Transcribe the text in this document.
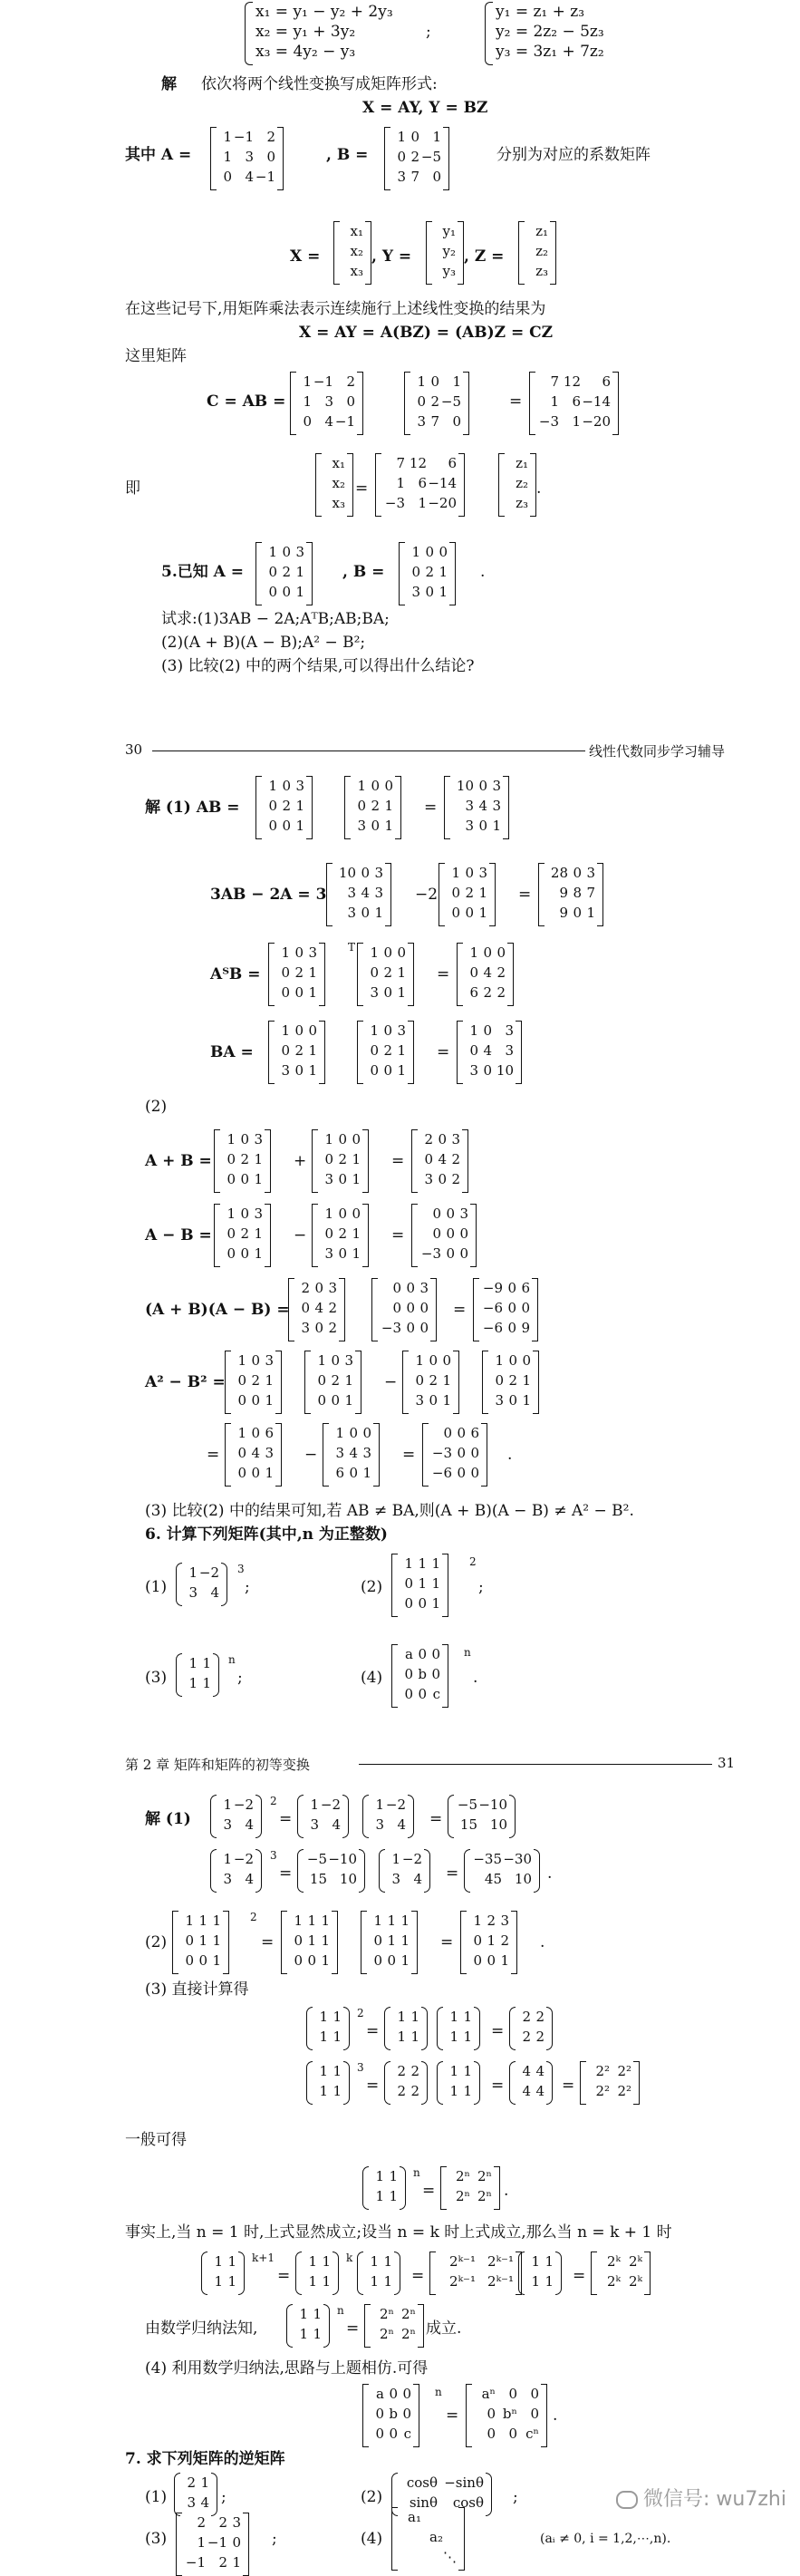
x₁ = y₁ − y₂ + 2y₃
x₂ = y₁ + 3y₂
x₃ = 4y₂ − y₃
;
y₁ = z₁ + z₃
y₂ = 2z₂ − 5z₃
y₃ = 3z₁ + 7z₂
解 依次将两个线性变换写成矩阵形式:
X = AY, Y = BZ
其中 A =
1 −1 2
1 3 0
0 4 −1
, B =
1 0 1
0 2 −5
3 7 0
分别为对应的系数矩阵
X =
x₁
x₂
x₃
, Y =
y₁
y₂
y₃
, Z =
z₁
z₂
z₃
在这些记号下,用矩阵乘法表示连续施行上述线性变换的结果为
X = AY = A(BZ) = (AB)Z = CZ
这里矩阵
C = AB =
1 −1 2
1 3 0
0 4 −1
1 0 1
0 2 −5
3 7 0
=
7 12	6
1 6 −14
−3 1 −20
即
x₁
x₂
x₃
=
7 12	6
1 6 −14
−3 1 −20
z₁
z₂
z₃
.
5.已知 A =
1 0 3
0 2 1
0 0 1
, B =
1 0 0
0 2 1
3 0 1
.
试求:(1)3AB − 2A;AᵀB;AB;BA;
(2)(A + B)(A − B);A² − B²;
(3) 比较(2) 中的两个结果,可以得出什么结论?
30	线性代数同步学习辅导
解 (1) AB =
1 0 3
0 2 1
0 0 1
1 0 0
0 2 1
3 0 1
=
10 0 3
3 4 3
3 0 1
3AB − 2A = 3
10 0 3
3 4 3
3 0 1
−2
1 0 3
0 2 1
0 0 1
=
28 0 3
9 8 7
9 0 1
AᵀB =
1 0 3
0 2 1
0 0 1
T	1 0 0
0 2 1
3 0 1
=
1 0 0
0 4 2
6 2 2
BA =
1 0 0
0 2 1
3 0 1
1 0 3
0 2 1
0 0 1
=
1 0 3
0 4 3
3 0 10
(2)
A + B =
1 0 3
0 2 1
0 0 1
+
1 0 0
0 2 1
3 0 1
=
2 0 3
0 4 2
3 0 2
A − B =
1 0 3
0 2 1
0 0 1
−
1 0 0
0 2 1
3 0 1
=
0 0 3
0 0 0
−3 0 0
(A + B)(A − B) =
2 0 3
0 4 2
3 0 2
0 0 3
0 0 0
−3 0 0
=
−9 0 6
−6 0 0
−6 0 9
A² − B² =
1 0 3
0 2 1
0 0 1
1 0 3
0 2 1
0 0 1
−
1 0 0
0 2 1
3 0 1
1 0 0
0 2 1
3 0 1
=
1 0 6
0 4 3
0 0 1
−
1 0 0
3 4 3
6 0 1
=
0 0 6
−3 0 0
−6 0 0
.
(3) 比较(2) 中的结果可知,若 AB ≠ BA,则(A + B)(A − B) ≠ A² − B².
6. 计算下列矩阵(其中,n 为正整数)
(1)
1 −2
3 4
3
;	(2)
1 1 1
0 1 1
0 0 1
2
;
(3)
1 1
1 1
n
;	(4)
a 0 0
0 b 0
0 0 c
n
.
第 2 章 矩阵和矩阵的初等变换	31
解 (1)
1 −2
3 4
2
=
1 −2
3 4
1 −2
3 4 =
−5 −10
15 10
1 −2
3 4
3
=
−5 −10
15 10
1 −2
3 4 =
−35 −30
45 10 .
(2)
1 1 1
0 1 1
0 0 1
2
=
1 1 1
0 1 1
0 0 1
1 1 1
0 1 1
0 0 1
=
1 2 3
0 1 2
0 0 1
.
(3) 直接计算得
1 1
1 1
2
=
1 1
1 1
1 1
1 1 =
2 2
2 2
1 1
1 1
3
=
2 2
2 2
1 1
1 1 =
4 4
4 4 =
2² 2²
2² 2²
一般可得
1 1
1 1
n
=
2ⁿ 2ⁿ
2ⁿ 2ⁿ .
事实上,当 n = 1 时,上式显然成立;设当 n = k 时上式成立,那么当 n = k + 1 时
1 1
1 1
k+1
=
1 1
1 1
k	1 1
1 1 =
2ᵏ⁻¹ 2ᵏ⁻¹
2ᵏ⁻¹ 2ᵏ⁻¹
1 1
1 1 =
2ᵏ 2ᵏ
2ᵏ 2ᵏ
由数学归纳法知,
1 1
1 1
n
=
2ⁿ 2ⁿ
2ⁿ 2ⁿ 成立.
(4) 利用数学归纳法,思路与上题相仿.可得
a 0 0
0 b 0
0 0 c
n
=
aⁿ 0 0
0 bⁿ 0
0 0 cⁿ
.
7. 求下列矩阵的逆矩阵
(1)
2 1
3 4 ;	(2)
cosθ −sinθ
sinθ	cosθ ;
(3)
2 2 3
1 −1 0
−1 2 1
;	(4)
a₁
a₂
⋱
(aᵢ ≠ 0, i = 1,2,⋯,n).
微信号: wu7zhi
